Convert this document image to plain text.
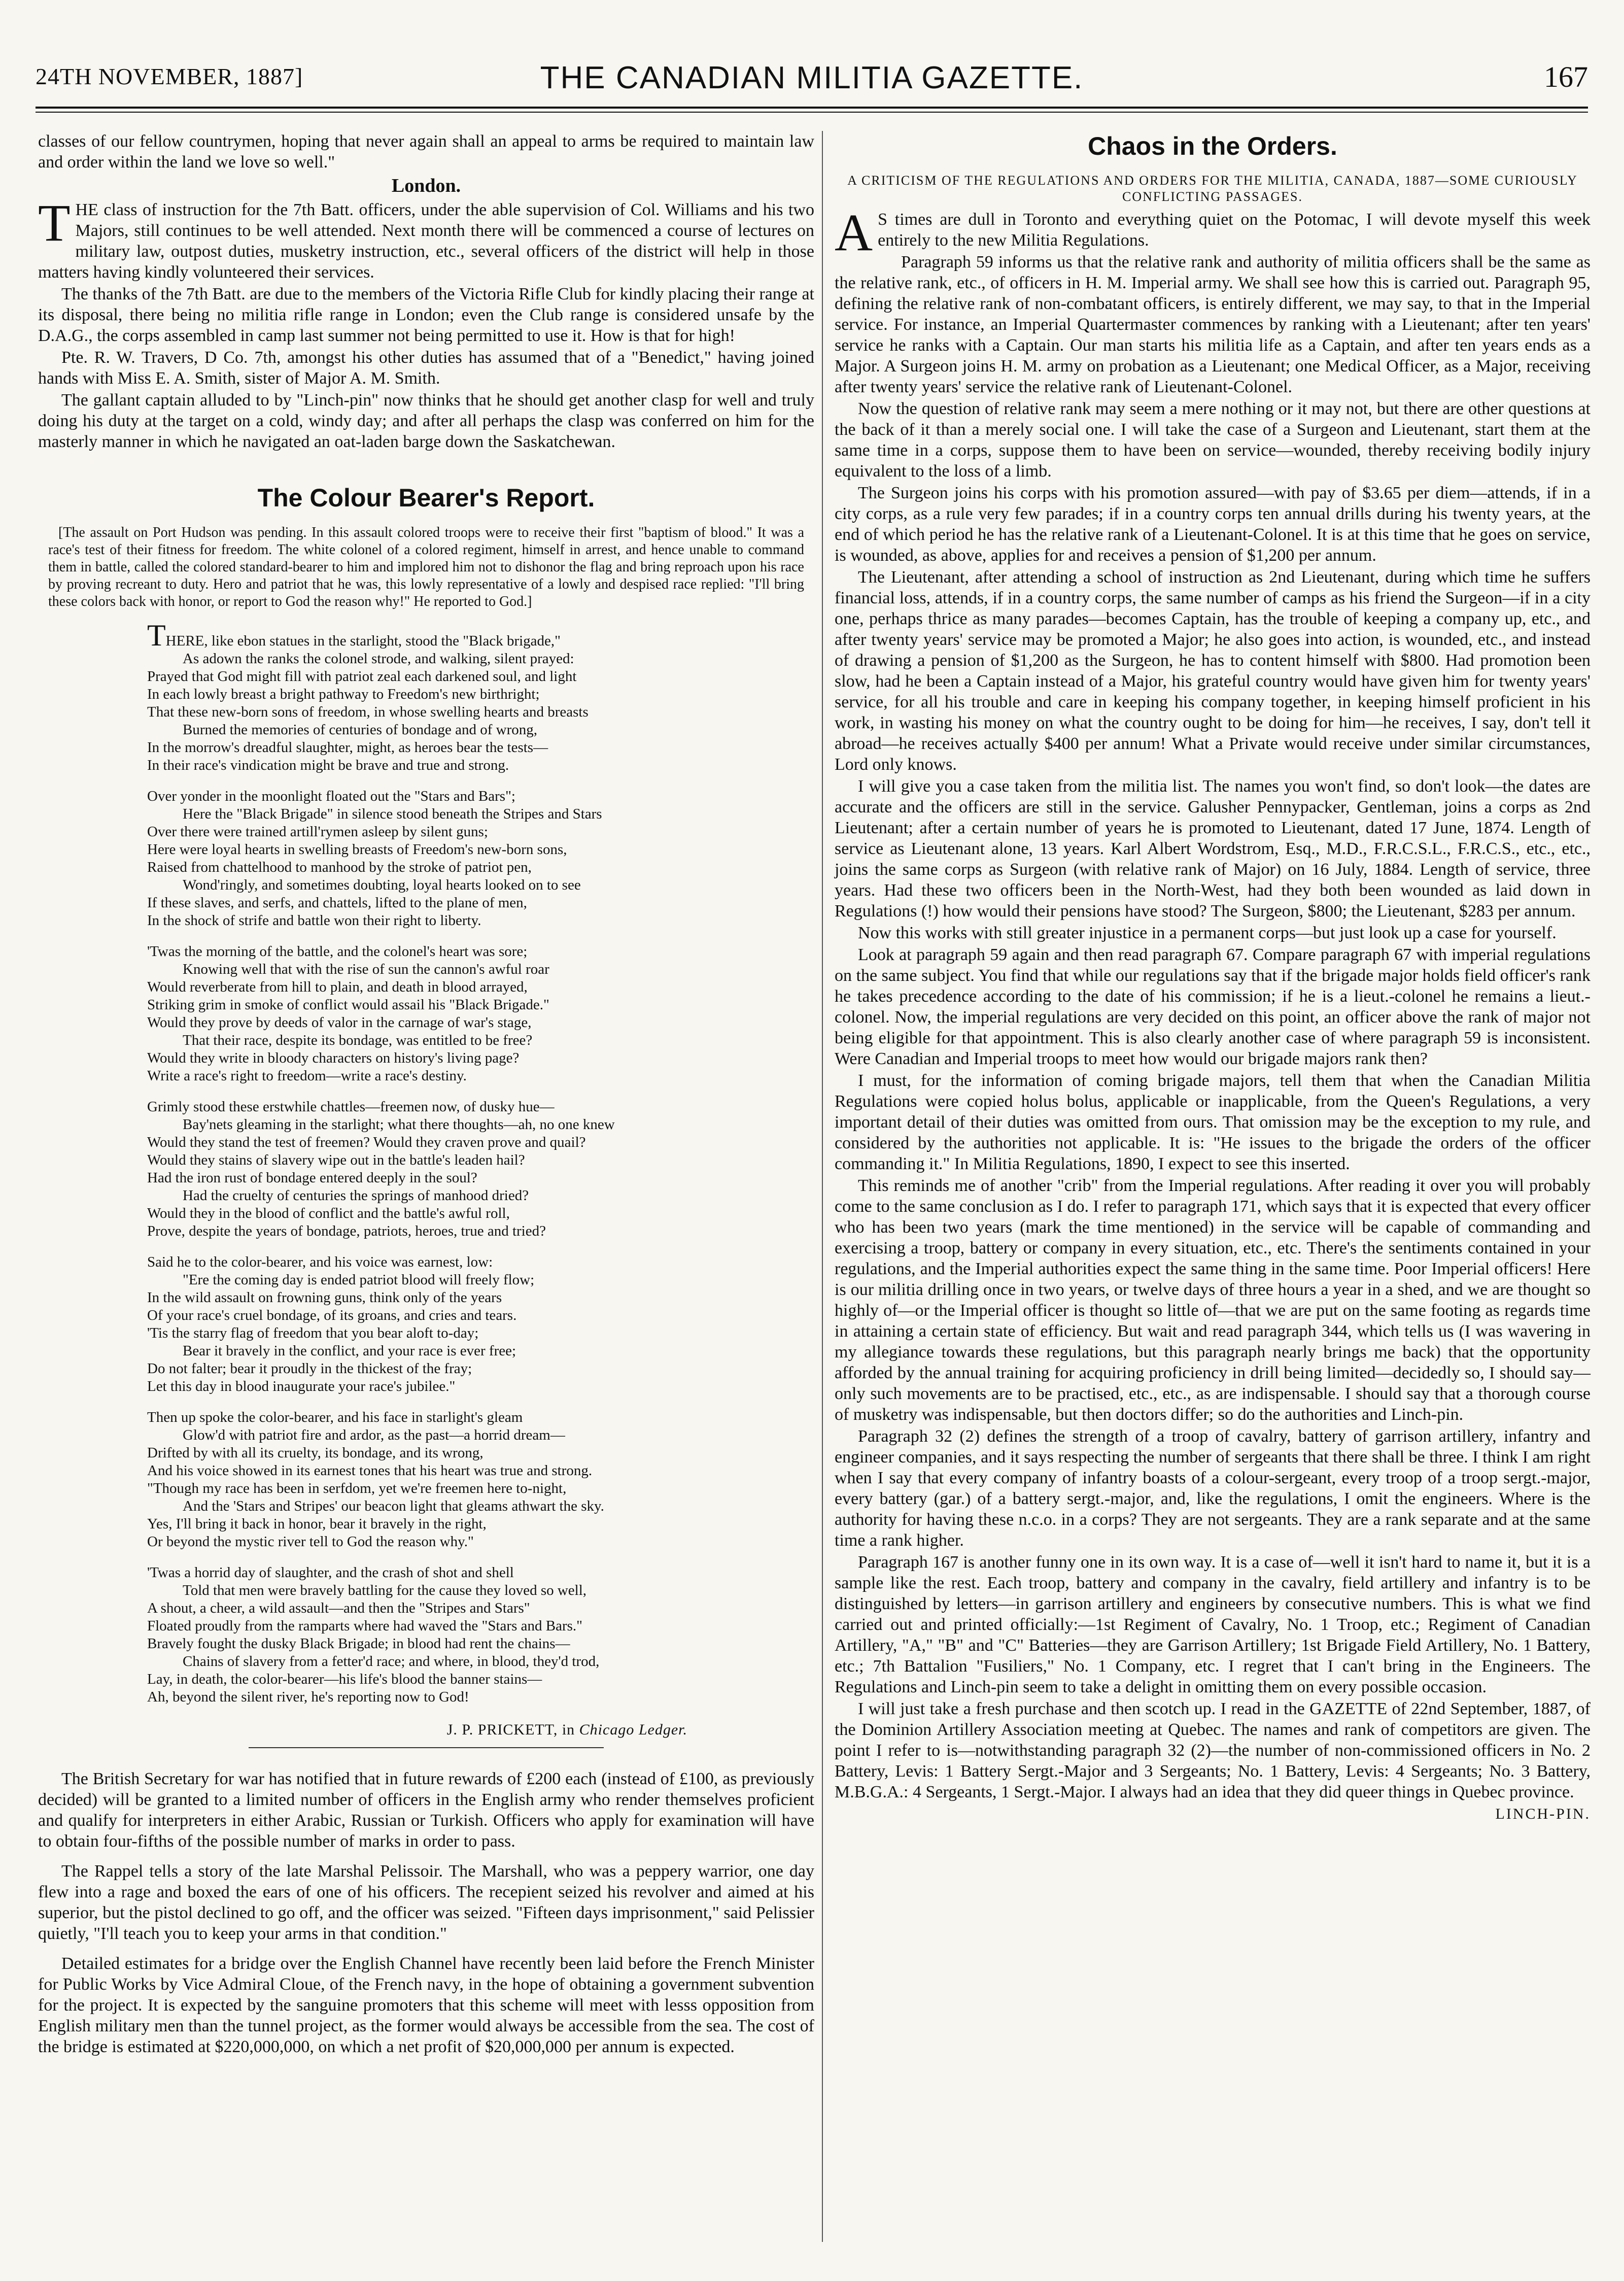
24TH NOVEMBER, 1887]	THE CANADIAN MILITIA GAZETTE.	167

classes of our fellow countrymen, hoping that never again shall an appeal to arms be required to maintain law and order within the land we love so well."

London.

THE class of instruction for the 7th Batt. officers, under the able supervision of Col. Williams and his two Majors, still continues to be well attended. Next month there will be commenced a course of lectures on military law, outpost duties, musketry instruction, etc., several officers of the district will help in those matters having kindly volunteered their services.

The thanks of the 7th Batt. are due to the members of the Victoria Rifle Club for kindly placing their range at its disposal, there being no militia rifle range in London; even the Club range is considered unsafe by the D.A.G., the corps assembled in camp last summer not being permitted to use it. How is that for high!

Pte. R. W. Travers, D Co. 7th, amongst his other duties has assumed that of a "Benedict," having joined hands with Miss E. A. Smith, sister of Major A. M. Smith.

The gallant captain alluded to by "Linch-pin" now thinks that he should get another clasp for well and truly doing his duty at the target on a cold, windy day; and after all perhaps the clasp was conferred on him for the masterly manner in which he navigated an oat-laden barge down the Saskatchewan.

The Colour Bearer's Report.

[The assault on Port Hudson was pending. In this assault colored troops were to receive their first "baptism of blood." It was a race's test of their fitness for freedom. The white colonel of a colored regiment, himself in arrest, and hence unable to command them in battle, called the colored standard-bearer to him and implored him not to dishonor the flag and bring reproach upon his race by proving recreant to duty. Hero and patriot that he was, this lowly representative of a lowly and despised race replied: "I'll bring these colors back with honor, or report to God the reason why!" He reported to God.]

THERE, like ebon statues in the starlight, stood the "Black brigade,"
As adown the ranks the colonel strode, and walking, silent prayed:
Prayed that God might fill with patriot zeal each darkened soul, and light
In each lowly breast a bright pathway to Freedom's new birthright;
That these new-born sons of freedom, in whose swelling hearts and breasts
Burned the memories of centuries of bondage and of wrong,
In the morrow's dreadful slaughter, might, as heroes bear the tests—
In their race's vindication might be brave and true and strong.
Over yonder in the moonlight floated out the "Stars and Bars";
Here the "Black Brigade" in silence stood beneath the Stripes and Stars
Over there were trained artill'rymen asleep by silent guns;
Here were loyal hearts in swelling breasts of Freedom's new-born sons,
Raised from chattelhood to manhood by the stroke of patriot pen,
Wond'ringly, and sometimes doubting, loyal hearts looked on to see
If these slaves, and serfs, and chattels, lifted to the plane of men,
In the shock of strife and battle won their right to liberty.
'Twas the morning of the battle, and the colonel's heart was sore;
Knowing well that with the rise of sun the cannon's awful roar
Would reverberate from hill to plain, and death in blood arrayed,
Striking grim in smoke of conflict would assail his "Black Brigade."
Would they prove by deeds of valor in the carnage of war's stage,
That their race, despite its bondage, was entitled to be free?
Would they write in bloody characters on history's living page?
Write a race's right to freedom—write a race's destiny.
Grimly stood these erstwhile chattles—freemen now, of dusky hue—
Bay'nets gleaming in the starlight; what there thoughts—ah, no one knew
Would they stand the test of freemen? Would they craven prove and quail?
Would they stains of slavery wipe out in the battle's leaden hail?
Had the iron rust of bondage entered deeply in the soul?
Had the cruelty of centuries the springs of manhood dried?
Would they in the blood of conflict and the battle's awful roll,
Prove, despite the years of bondage, patriots, heroes, true and tried?
Said he to the color-bearer, and his voice was earnest, low:
"Ere the coming day is ended patriot blood will freely flow;
In the wild assault on frowning guns, think only of the years
Of your race's cruel bondage, of its groans, and cries and tears.
'Tis the starry flag of freedom that you bear aloft to-day;
Bear it bravely in the conflict, and your race is ever free;
Do not falter; bear it proudly in the thickest of the fray;
Let this day in blood inaugurate your race's jubilee."
Then up spoke the color-bearer, and his face in starlight's gleam
Glow'd with patriot fire and ardor, as the past—a horrid dream—
Drifted by with all its cruelty, its bondage, and its wrong,
And his voice showed in its earnest tones that his heart was true and strong.
"Though my race has been in serfdom, yet we're freemen here to-night,
And the 'Stars and Stripes' our beacon light that gleams athwart the sky.
Yes, I'll bring it back in honor, bear it bravely in the right,
Or beyond the mystic river tell to God the reason why."
'Twas a horrid day of slaughter, and the crash of shot and shell
Told that men were bravely battling for the cause they loved so well,
A shout, a cheer, a wild assault—and then the "Stripes and Stars"
Floated proudly from the ramparts where had waved the "Stars and Bars."
Bravely fought the dusky Black Brigade; in blood had rent the chains—
Chains of slavery from a fetter'd race; and where, in blood, they'd trod,
Lay, in death, the color-bearer—his life's blood the banner stains—
Ah, beyond the silent river, he's reporting now to God!
J. P. PRICKETT, in Chicago Ledger.

The British Secretary for war has notified that in future rewards of £200 each (instead of £100, as previously decided) will be granted to a limited number of officers in the English army who render themselves proficient and qualify for interpreters in either Arabic, Russian or Turkish. Officers who apply for examination will have to obtain four-fifths of the possible number of marks in order to pass.

The Rappel tells a story of the late Marshal Pelissoir. The Marshall, who was a peppery warrior, one day flew into a rage and boxed the ears of one of his officers. The recepient seized his revolver and aimed at his superior, but the pistol declined to go off, and the officer was seized. "Fifteen days imprisonment," said Pelissier quietly, "I'll teach you to keep your arms in that condition."

Detailed estimates for a bridge over the English Channel have recently been laid before the French Minister for Public Works by Vice Admiral Cloue, of the French navy, in the hope of obtaining a government subvention for the project. It is expected by the sanguine promoters that this scheme will meet with lesss opposition from English military men than the tunnel project, as the former would always be accessible from the sea. The cost of the bridge is estimated at $220,000,000, on which a net profit of $20,000,000 per annum is expected.

Chaos in the Orders.
A CRITICISM OF THE REGULATIONS AND ORDERS FOR THE MILITIA, CANADA, 1887—SOME CURIOUSLY CONFLICTING PASSAGES.

A S times are dull in Toronto and everything quiet on the Potomac, I will devote myself this week entirely to the new Militia Regulations.

Paragraph 59 informs us that the relative rank and authority of militia officers shall be the same as the relative rank, etc., of officers in H. M. Imperial army. We shall see how this is carried out. Paragraph 95, defining the relative rank of non-combatant officers, is entirely different, we may say, to that in the Imperial service. For instance, an Imperial Quartermaster commences by ranking with a Lieutenant; after ten years' service he ranks with a Captain. Our man starts his militia life as a Captain, and after ten years ends as a Major. A Surgeon joins H. M. army on probation as a Lieutenant; one Medical Officer, as a Major, receiving after twenty years' service the relative rank of Lieutenant-Colonel.

Now the question of relative rank may seem a mere nothing or it may not, but there are other questions at the back of it than a merely social one. I will take the case of a Surgeon and Lieutenant, start them at the same time in a corps, suppose them to have been on service—wounded, thereby receiving bodily injury equivalent to the loss of a limb.

The Surgeon joins his corps with his promotion assured—with pay of $3.65 per diem—attends, if in a city corps, as a rule very few parades; if in a country corps ten annual drills during his twenty years, at the end of which period he has the relative rank of a Lieutenant-Colonel. It is at this time that he goes on service, is wounded, as above, applies for and receives a pension of $1,200 per annum.

The Lieutenant, after attending a school of instruction as 2nd Lieutenant, during which time he suffers financial loss, attends, if in a country corps, the same number of camps as his friend the Surgeon—if in a city one, perhaps thrice as many parades—becomes Captain, has the trouble of keeping a company up, etc., and after twenty years' service may be promoted a Major; he also goes into action, is wounded, etc., and instead of drawing a pension of $1,200 as the Surgeon, he has to content himself with $800. Had promotion been slow, had he been a Captain instead of a Major, his grateful country would have given him for twenty years' service, for all his trouble and care in keeping his company together, in keeping himself proficient in his work, in wasting his money on what the country ought to be doing for him—he receives, I say, don't tell it abroad—he receives actually $400 per annum! What a Private would receive under similar circumstances, Lord only knows.

I will give you a case taken from the militia list. The names you won't find, so don't look—the dates are accurate and the officers are still in the service. Galusher Pennypacker, Gentleman, joins a corps as 2nd Lieutenant; after a certain number of years he is promoted to Lieutenant, dated 17 June, 1874. Length of service as Lieutenant alone, 13 years. Karl Albert Wordstrom, Esq., M.D., F.R.C.S.L., F.R.C.S., etc., etc., joins the same corps as Surgeon (with relative rank of Major) on 16 July, 1884. Length of service, three years. Had these two officers been in the North-West, had they both been wounded as laid down in Regulations (!) how would their pensions have stood? The Surgeon, $800; the Lieutenant, $283 per annum.

Now this works with still greater injustice in a permanent corps—but just look up a case for yourself.

Look at paragraph 59 again and then read paragraph 67. Compare paragraph 67 with imperial regulations on the same subject. You find that while our regulations say that if the brigade major holds field officer's rank he takes precedence according to the date of his commission; if he is a lieut.-colonel he remains a lieut.-colonel. Now, the imperial regulations are very decided on this point, an officer above the rank of major not being eligible for that appointment. This is also clearly another case of where paragraph 59 is inconsistent. Were Canadian and Imperial troops to meet how would our brigade majors rank then?

I must, for the information of coming brigade majors, tell them that when the Canadian Militia Regulations were copied holus bolus, applicable or inapplicable, from the Queen's Regulations, a very important detail of their duties was omitted from ours. That omission may be the exception to my rule, and considered by the authorities not applicable. It is: "He issues to the brigade the orders of the officer commanding it." In Militia Regulations, 1890, I expect to see this inserted.

This reminds me of another "crib" from the Imperial regulations. After reading it over you will probably come to the same conclusion as I do. I refer to paragraph 171, which says that it is expected that every officer who has been two years (mark the time mentioned) in the service will be capable of commanding and exercising a troop, battery or company in every situation, etc., etc. There's the sentiments contained in your regulations, and the Imperial authorities expect the same thing in the same time. Poor Imperial officers! Here is our militia drilling once in two years, or twelve days of three hours a year in a shed, and we are thought so highly of—or the Imperial officer is thought so little of—that we are put on the same footing as regards time in attaining a certain state of efficiency. But wait and read paragraph 344, which tells us (I was wavering in my allegiance towards these regulations, but this paragraph nearly brings me back) that the opportunity afforded by the annual training for acquiring proficiency in drill being limited—decidedly so, I should say—only such movements are to be practised, etc., etc., as are indispensable. I should say that a thorough course of musketry was indispensable, but then doctors differ; so do the authorities and Linch-pin.

Paragraph 32 (2) defines the strength of a troop of cavalry, battery of garrison artillery, infantry and engineer companies, and it says respecting the number of sergeants that there shall be three. I think I am right when I say that every company of infantry boasts of a colour-sergeant, every troop of a troop sergt.-major, every battery (gar.) of a battery sergt.-major, and, like the regulations, I omit the engineers. Where is the authority for having these n.c.o. in a corps? They are not sergeants. They are a rank separate and at the same time a rank higher.

Paragraph 167 is another funny one in its own way. It is a case of—well it isn't hard to name it, but it is a sample like the rest. Each troop, battery and company in the cavalry, field artillery and infantry is to be distinguished by letters—in garrison artillery and engineers by consecutive numbers. This is what we find carried out and printed officially:—1st Regiment of Cavalry, No. 1 Troop, etc.; Regiment of Canadian Artillery, "A," "B" and "C" Batteries—they are Garrison Artillery; 1st Brigade Field Artillery, No. 1 Battery, etc.; 7th Battalion "Fusiliers," No. 1 Company, etc. I regret that I can't bring in the Engineers. The Regulations and Linch-pin seem to take a delight in omitting them on every possible occasion.

I will just take a fresh purchase and then scotch up. I read in the GAZETTE of 22nd September, 1887, of the Dominion Artillery Association meeting at Quebec. The names and rank of competitors are given. The point I refer to is—notwithstanding paragraph 32 (2)—the number of non-commissioned officers in No. 2 Battery, Levis: 1 Battery Sergt.-Major and 3 Sergeants; No. 1 Battery, Levis: 4 Sergeants; No. 3 Battery, M.B.G.A.: 4 Sergeants, 1 Sergt.-Major. I always had an idea that they did queer things in Quebec province.

LINCH-PIN.
